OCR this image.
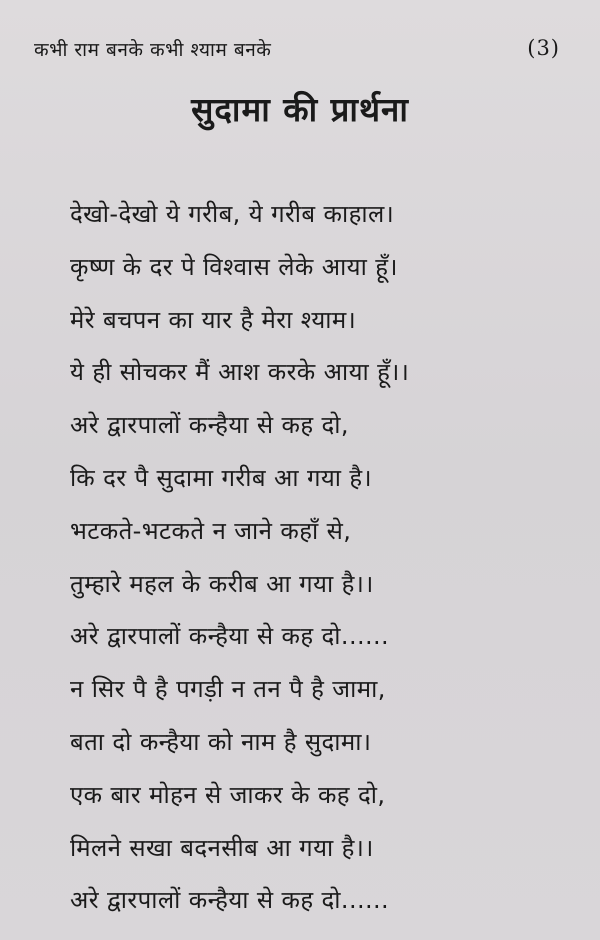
कभी राम बनके कभी श्याम बनके	(3)
सुदामा की प्रार्थना
देखो-देखो ये गरीब, ये गरीब काहाल।
कृष्ण के दर पे विश्वास लेके आया हूँ।
मेरे बचपन का यार है मेरा श्याम।
ये ही सोचकर मैं आश करके आया हूँ।।
अरे द्वारपालों कन्हैया से कह दो,
कि दर पै सुदामा गरीब आ गया है।
भटकते-भटकते न जाने कहाँ से,
तुम्हारे महल के करीब आ गया है।।
अरे द्वारपालों कन्हैया से कह दो......
न सिर पै है पगड़ी न तन पै है जामा,
बता दो कन्हैया को नाम है सुदामा।
एक बार मोहन से जाकर के कह दो,
मिलने सखा बदनसीब आ गया है।।
अरे द्वारपालों कन्हैया से कह दो......
